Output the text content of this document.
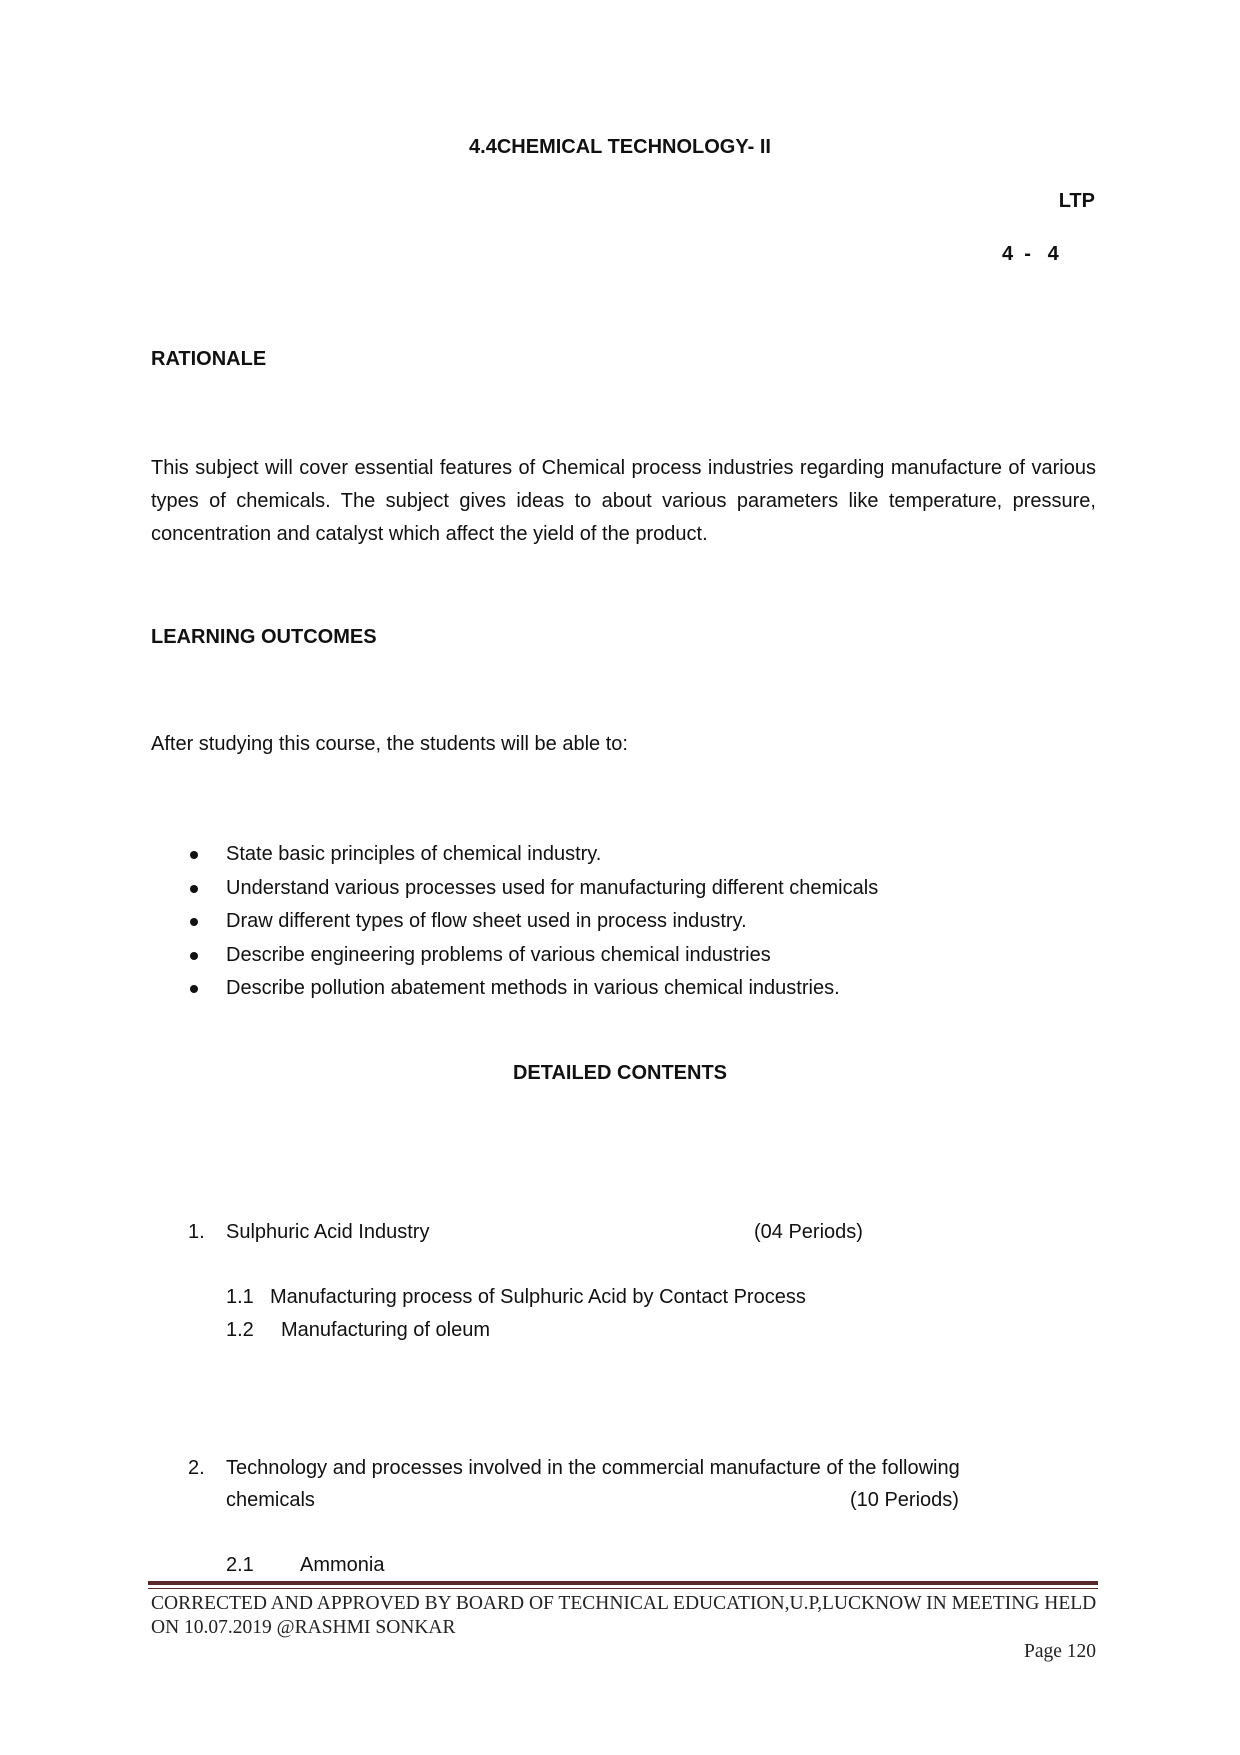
4.4CHEMICAL TECHNOLOGY- II
LTP
4  -   4
RATIONALE
This subject will cover essential features of Chemical process industries regarding manufacture of various types of chemicals. The subject gives ideas to about various parameters like temperature, pressure, concentration and catalyst which affect the yield of the product.
LEARNING OUTCOMES
After studying this course, the students will be able to:
State basic principles of chemical industry.
Understand various processes used for manufacturing different chemicals
Draw different types of flow sheet used in process industry.
Describe engineering problems of various chemical industries
Describe pollution abatement methods in various chemical industries.
DETAILED CONTENTS
1. Sulphuric Acid Industry	(04 Periods)
1.1 Manufacturing process of Sulphuric Acid by Contact Process
1.2 Manufacturing of oleum
2. Technology and processes involved in the commercial manufacture of the following
chemicals	(10 Periods)
2.1 Ammonia
CORRECTED AND APPROVED BY BOARD OF TECHNICAL EDUCATION,U.P,LUCKNOW IN MEETING HELD ON 10.07.2019 @RASHMI SONKAR
Page 120
